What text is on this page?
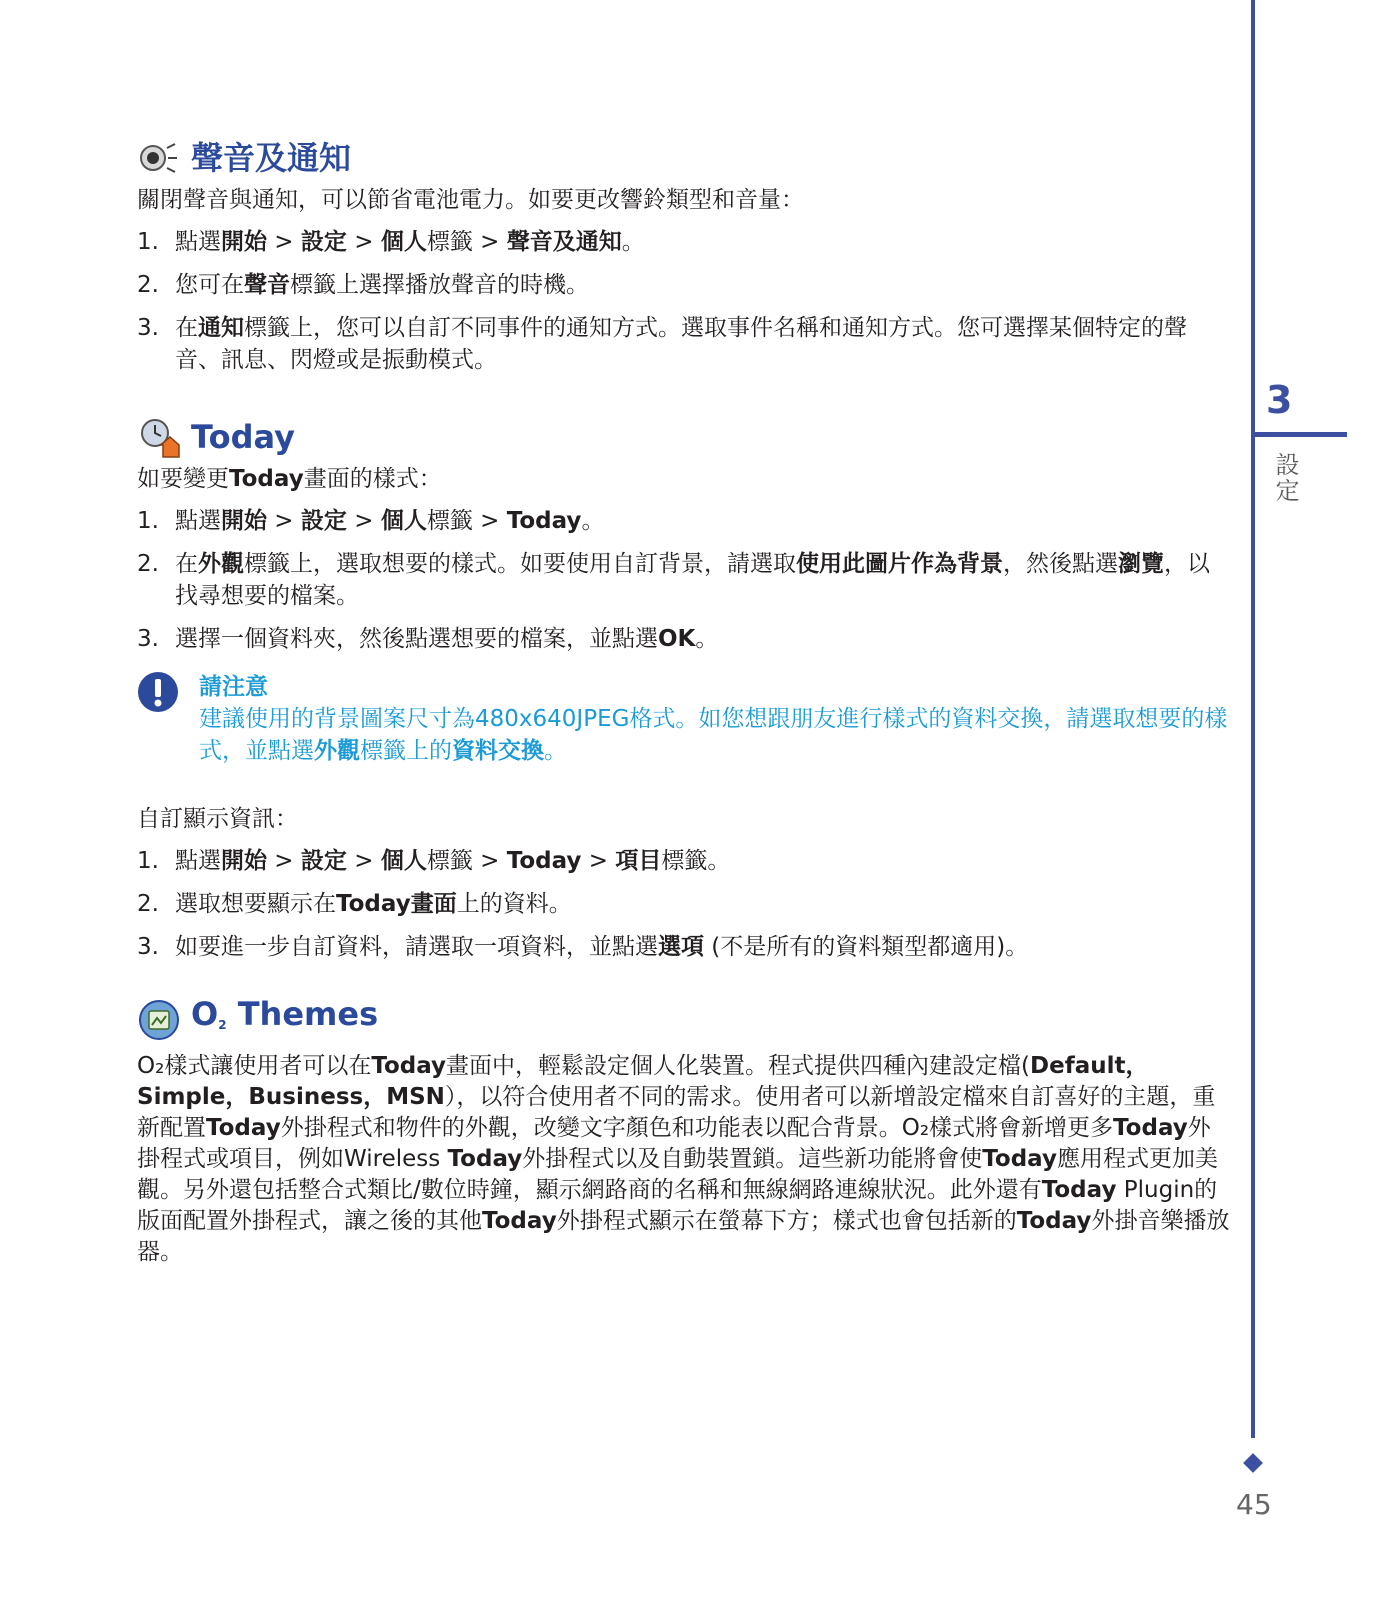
聲音及通知

關閉聲音與通知，可以節省電池電力。如要更改響鈴類型和音量：

1. 點選開始 > 設定 > 個人標籤 > 聲音及通知。
2. 您可在聲音標籤上選擇播放聲音的時機。
3. 在通知標籤上，您可以自訂不同事件的通知方式。選取事件名稱和通知方式。您可選擇某個特定的聲音、訊息、閃燈或是振動模式。
Today

如要變更Today畫面的樣式：

1. 點選開始 > 設定 > 個人標籤 > Today。
2. 在外觀標籤上，選取想要的樣式。如要使用自訂背景，請選取使用此圖片作為背景，然後點選瀏覽，以找尋想要的檔案。
3. 選擇一個資料夾，然後點選想要的檔案，並點選OK。
請注意
建議使用的背景圖案尺寸為480x640JPEG格式。如您想跟朋友進行樣式的資料交換，請選取想要的樣式，並點選外觀標籤上的資料交換。

自訂顯示資訊：

1. 點選開始 > 設定 > 個人標籤 > Today > 項目標籤。
2. 選取想要顯示在Today畫面上的資料。
3. 如要進一步自訂資料，請選取一項資料，並點選選項 (不是所有的資料類型都適用)。
$O_2$ Themes

O₂樣式讓使用者可以在Today畫面中，輕鬆設定個人化裝置。程式提供四種內建設定檔(Default，Simple，Business，MSN），以符合使用者不同的需求。使用者可以新增設定檔來自訂喜好的主題，重新配置Today外掛程式和物件的外觀，改變文字顏色和功能表以配合背景。O₂樣式將會新增更多Today外掛程式或項目，例如Wireless Today外掛程式以及自動裝置鎖。這些新功能將會使Today應用程式更加美觀。另外還包括整合式類比/數位時鐘，顯示網路商的名稱和無線網路連線狀況。此外還有Today Plugin的版面配置外掛程式，讓之後的其他Today外掛程式顯示在螢幕下方；樣式也會包括新的Today外掛音樂播放器。

3
設定
45
